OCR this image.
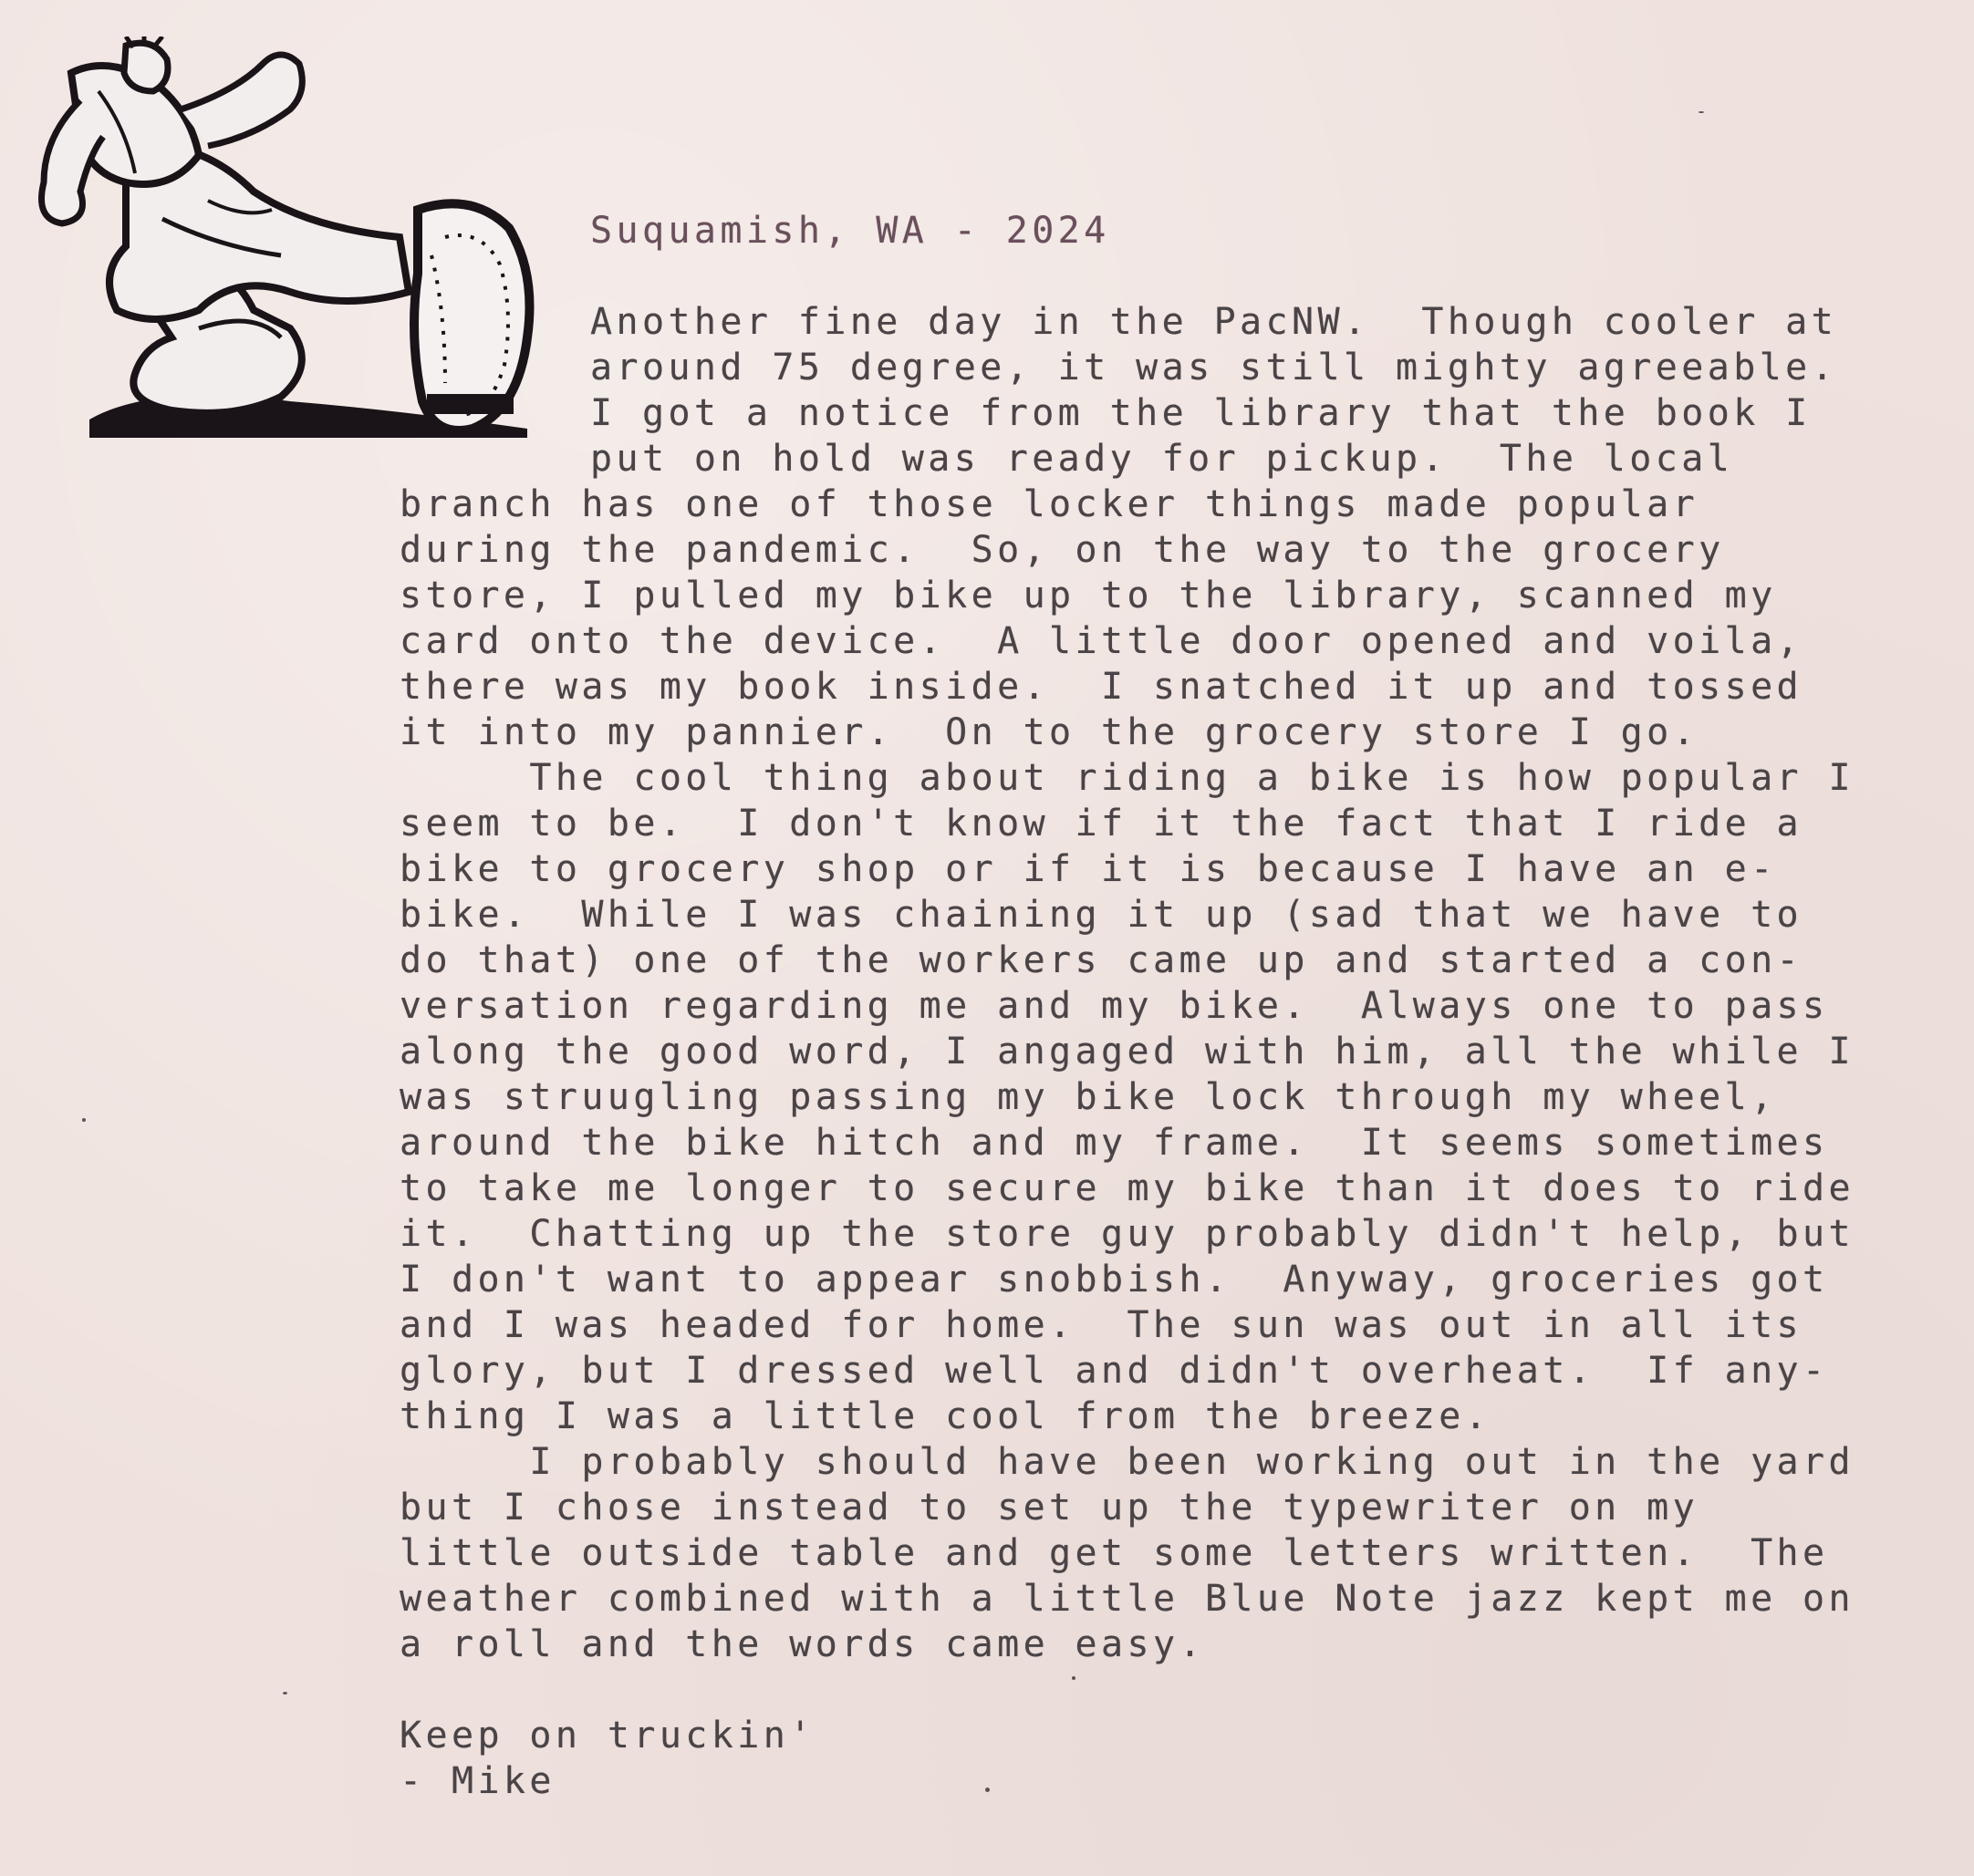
Suquamish, WA - 2024
Another fine day in the PacNW.  Though cooler at
around 75 degree, it was still mighty agreeable.
I got a notice from the library that the book I
put on hold was ready for pickup.  The local
branch has one of those locker things made popular
during the pandemic.  So, on the way to the grocery
store, I pulled my bike up to the library, scanned my
card onto the device.  A little door opened and voila,
there was my book inside.  I snatched it up and tossed
it into my pannier.  On to the grocery store I go.
The cool thing about riding a bike is how popular I
seem to be.  I don't know if it the fact that I ride a
bike to grocery shop or if it is because I have an e-
bike.  While I was chaining it up (sad that we have to
do that) one of the workers came up and started a con-
versation regarding me and my bike.  Always one to pass
along the good word, I angaged with him, all the while I
was struugling passing my bike lock through my wheel,
around the bike hitch and my frame.  It seems sometimes
to take me longer to secure my bike than it does to ride
it.  Chatting up the store guy probably didn't help, but
I don't want to appear snobbish.  Anyway, groceries got
and I was headed for home.  The sun was out in all its
glory, but I dressed well and didn't overheat.  If any-
thing I was a little cool from the breeze.
I probably should have been working out in the yard
but I chose instead to set up the typewriter on my
little outside table and get some letters written.  The
weather combined with a little Blue Note jazz kept me on
a roll and the words came easy.
Keep on truckin'
- Mike
